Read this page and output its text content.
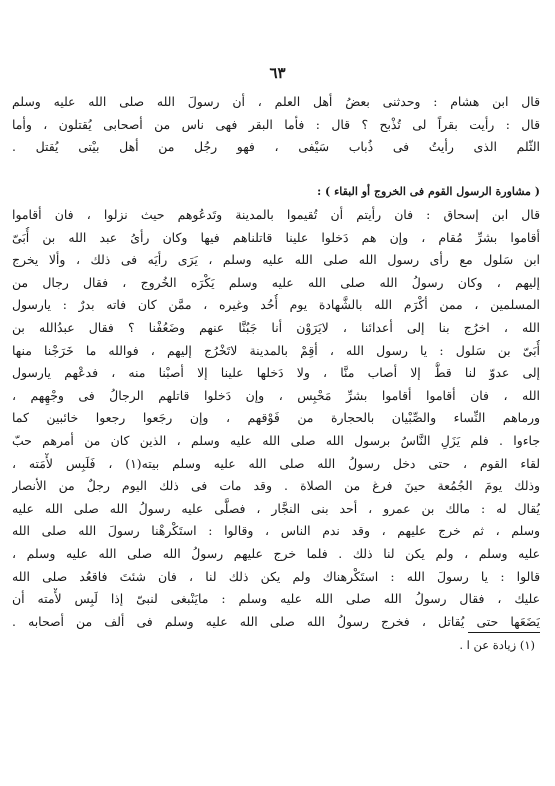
٦٣
قال ابن هشام : وحدثنى بعضُ أهل العلم ، أن رسولَ الله صلى الله عليه وسلم
قال : رأيت بقراً لى تُذْبح ؟ قال : فأما البقر فهى ناس من أصحابى يُقتلون ، وأما
الثّلم الذى رأيتُ فى ذُباب سَيْفى ، فهو رجُل من أهل بيْتى يُقتل .
( مشاورة الرسول القوم فى الخروج أو البقاء ) :
قال ابن إسحاق : فان رأيتم أن تُقيموا بالمدينة وتَدعُوهم حيث نزلوا ، فان أقاموا
أقاموا بشرِّ مُقام ، وإن هم دَخلوا علينا قاتلناهم فيها وكان رأىُ عبد الله بن أُبَىّ
ابن سَلول مع رأى رسول الله صلى الله عليه وسلم ، يَرَى رأيَه فى ذلك ، وألا يخرج
إليهم ، وكان رسولُ الله صلى الله عليه وسلم يَكْرَه الخُروج ، فقال رجال من
المسلمين ، ممن أكْرَم الله بالشَّهادة يوم أُحُد وغيره ، ممَّن كان فاته بدرٌ : يارسول
الله ، اخرُج بنا إلى أعدائنا ، لايَرَوْن أنا جَبُنَّا عنهم وضَعُفْنا ؟ فقال عبدُالله بن
أُبَىّ بن سَلول : يا رسول الله ، أقِمْ بالمدينة لاتَخْرُج إليهم ، فوالله ما خَرَجْنا منها
إلى عدوّ لنا قطُّ إلا أصاب منَّا ، ولا دَخلها علينا إلا أصبْنا منه ، فدعْهم يارسول
الله ، فان أقاموا أقاموا بشرِّ مَحْبِس ، وإن دَخلوا قاتلهم الرجالُ فى وجْهِهم ،
ورماهم النِّساء والصِّبْيان بالحجارة من فَوْقهم ، وإن رجَعوا رجعوا خائبين كما
جاءوا . فلم يَزَلِ النَّاسُ برسول الله صلى الله عليه وسلم ، الذين كان من أمرهم حبّ
لقاء القوم ، حتى دخل رسولُ الله صلى الله عليه وسلم بيته(١) ، فَلَبِس لأْمَته ،
وذلك يومَ الجُمُعة حينَ فرغ من الصلاة . وقد مات فى ذلك اليوم رجلٌ من الأنصار
يُقال له : مالك بن عمرو ، أحد بنى النجَّار ، فصلَّى عليه رسولُ الله صلى الله عليه
وسلم ، ثم خرج عليهم ، وقد ندم الناس ، وقالوا : استَكْرهْنا رسولَ الله صلى الله
عليه وسلم ، ولم يكن لنا ذلك . فلما خرج عليهم رسولُ الله صلى الله عليه وسلم ،
قالوا : يا رسولَ الله : استَكْرهناك ولم يكن ذلك لنا ، فان شئتَ فاقعُد صلى الله
عليك ، فقال رسولُ الله صلى الله عليه وسلم : مايَنْبغى لنبىّ إذا لَبِس لأْمته أن
يَضَعَها حتى يُقاتل ، فخرج رسولُ الله صلى الله عليه وسلم فى ألف من أصحابه .
(١) زيادة عن ا .
